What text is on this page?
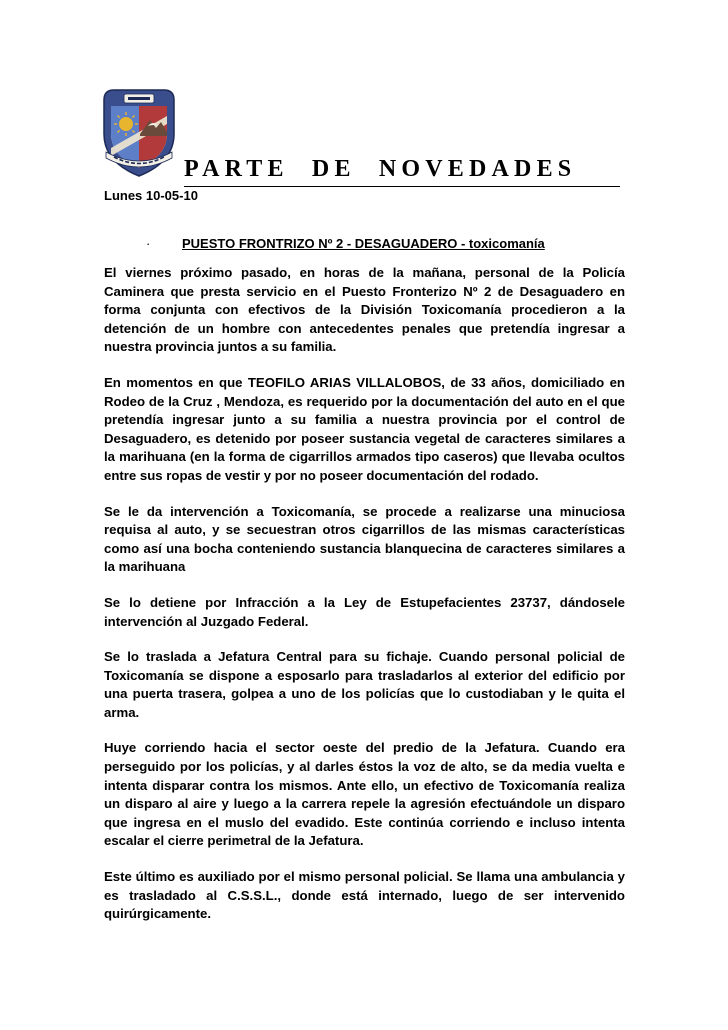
PARTE DE NOVEDADES
Lunes 10-05-10
· PUESTO FRONTRIZO Nº 2 - DESAGUADERO - toxicomanía

El viernes próximo pasado, en horas de la mañana, personal de la Policía Caminera que presta servicio en el Puesto Fronterizo Nº 2 de Desaguadero en forma conjunta con efectivos de la División Toxicomanía procedieron a la detención de un hombre con antecedentes penales que pretendía ingresar a nuestra provincia juntos a su familia.

En momentos en que TEOFILO ARIAS VILLALOBOS, de 33 años, domiciliado en Rodeo de la Cruz , Mendoza, es requerido por la documentación del auto en el que pretendía ingresar junto a su familia a nuestra provincia por el control de Desaguadero, es detenido por poseer sustancia vegetal de caracteres similares a la marihuana (en la forma de cigarrillos armados tipo caseros) que llevaba ocultos entre sus ropas de vestir y por no poseer documentación del rodado.

Se le da intervención a Toxicomanía, se procede a realizarse una minuciosa requisa al auto, y se secuestran otros cigarrillos de las mismas características como así una bocha conteniendo sustancia blanquecina de caracteres similares a la marihuana

Se lo detiene por Infracción a la Ley de Estupefacientes 23737, dándosele intervención al Juzgado Federal.

Se lo traslada a Jefatura Central para su fichaje. Cuando personal policial de Toxicomanía se dispone a esposarlo para trasladarlos al exterior del edificio por una puerta trasera, golpea a uno de los policías que lo custodiaban y le quita el arma.

Huye corriendo hacia el sector oeste del predio de la Jefatura. Cuando era perseguido por los policías, y al darles éstos la voz de alto, se da media vuelta e intenta disparar contra los mismos. Ante ello, un efectivo de Toxicomanía realiza un disparo al aire y luego a la carrera repele la agresión efectuándole un disparo que ingresa en el muslo del evadido. Este continúa corriendo e incluso intenta escalar el cierre perimetral de la Jefatura.

Este último es auxiliado por el mismo personal policial. Se llama una ambulancia y es trasladado al C.S.S.L., donde está internado, luego de ser intervenido quirúrgicamente.
